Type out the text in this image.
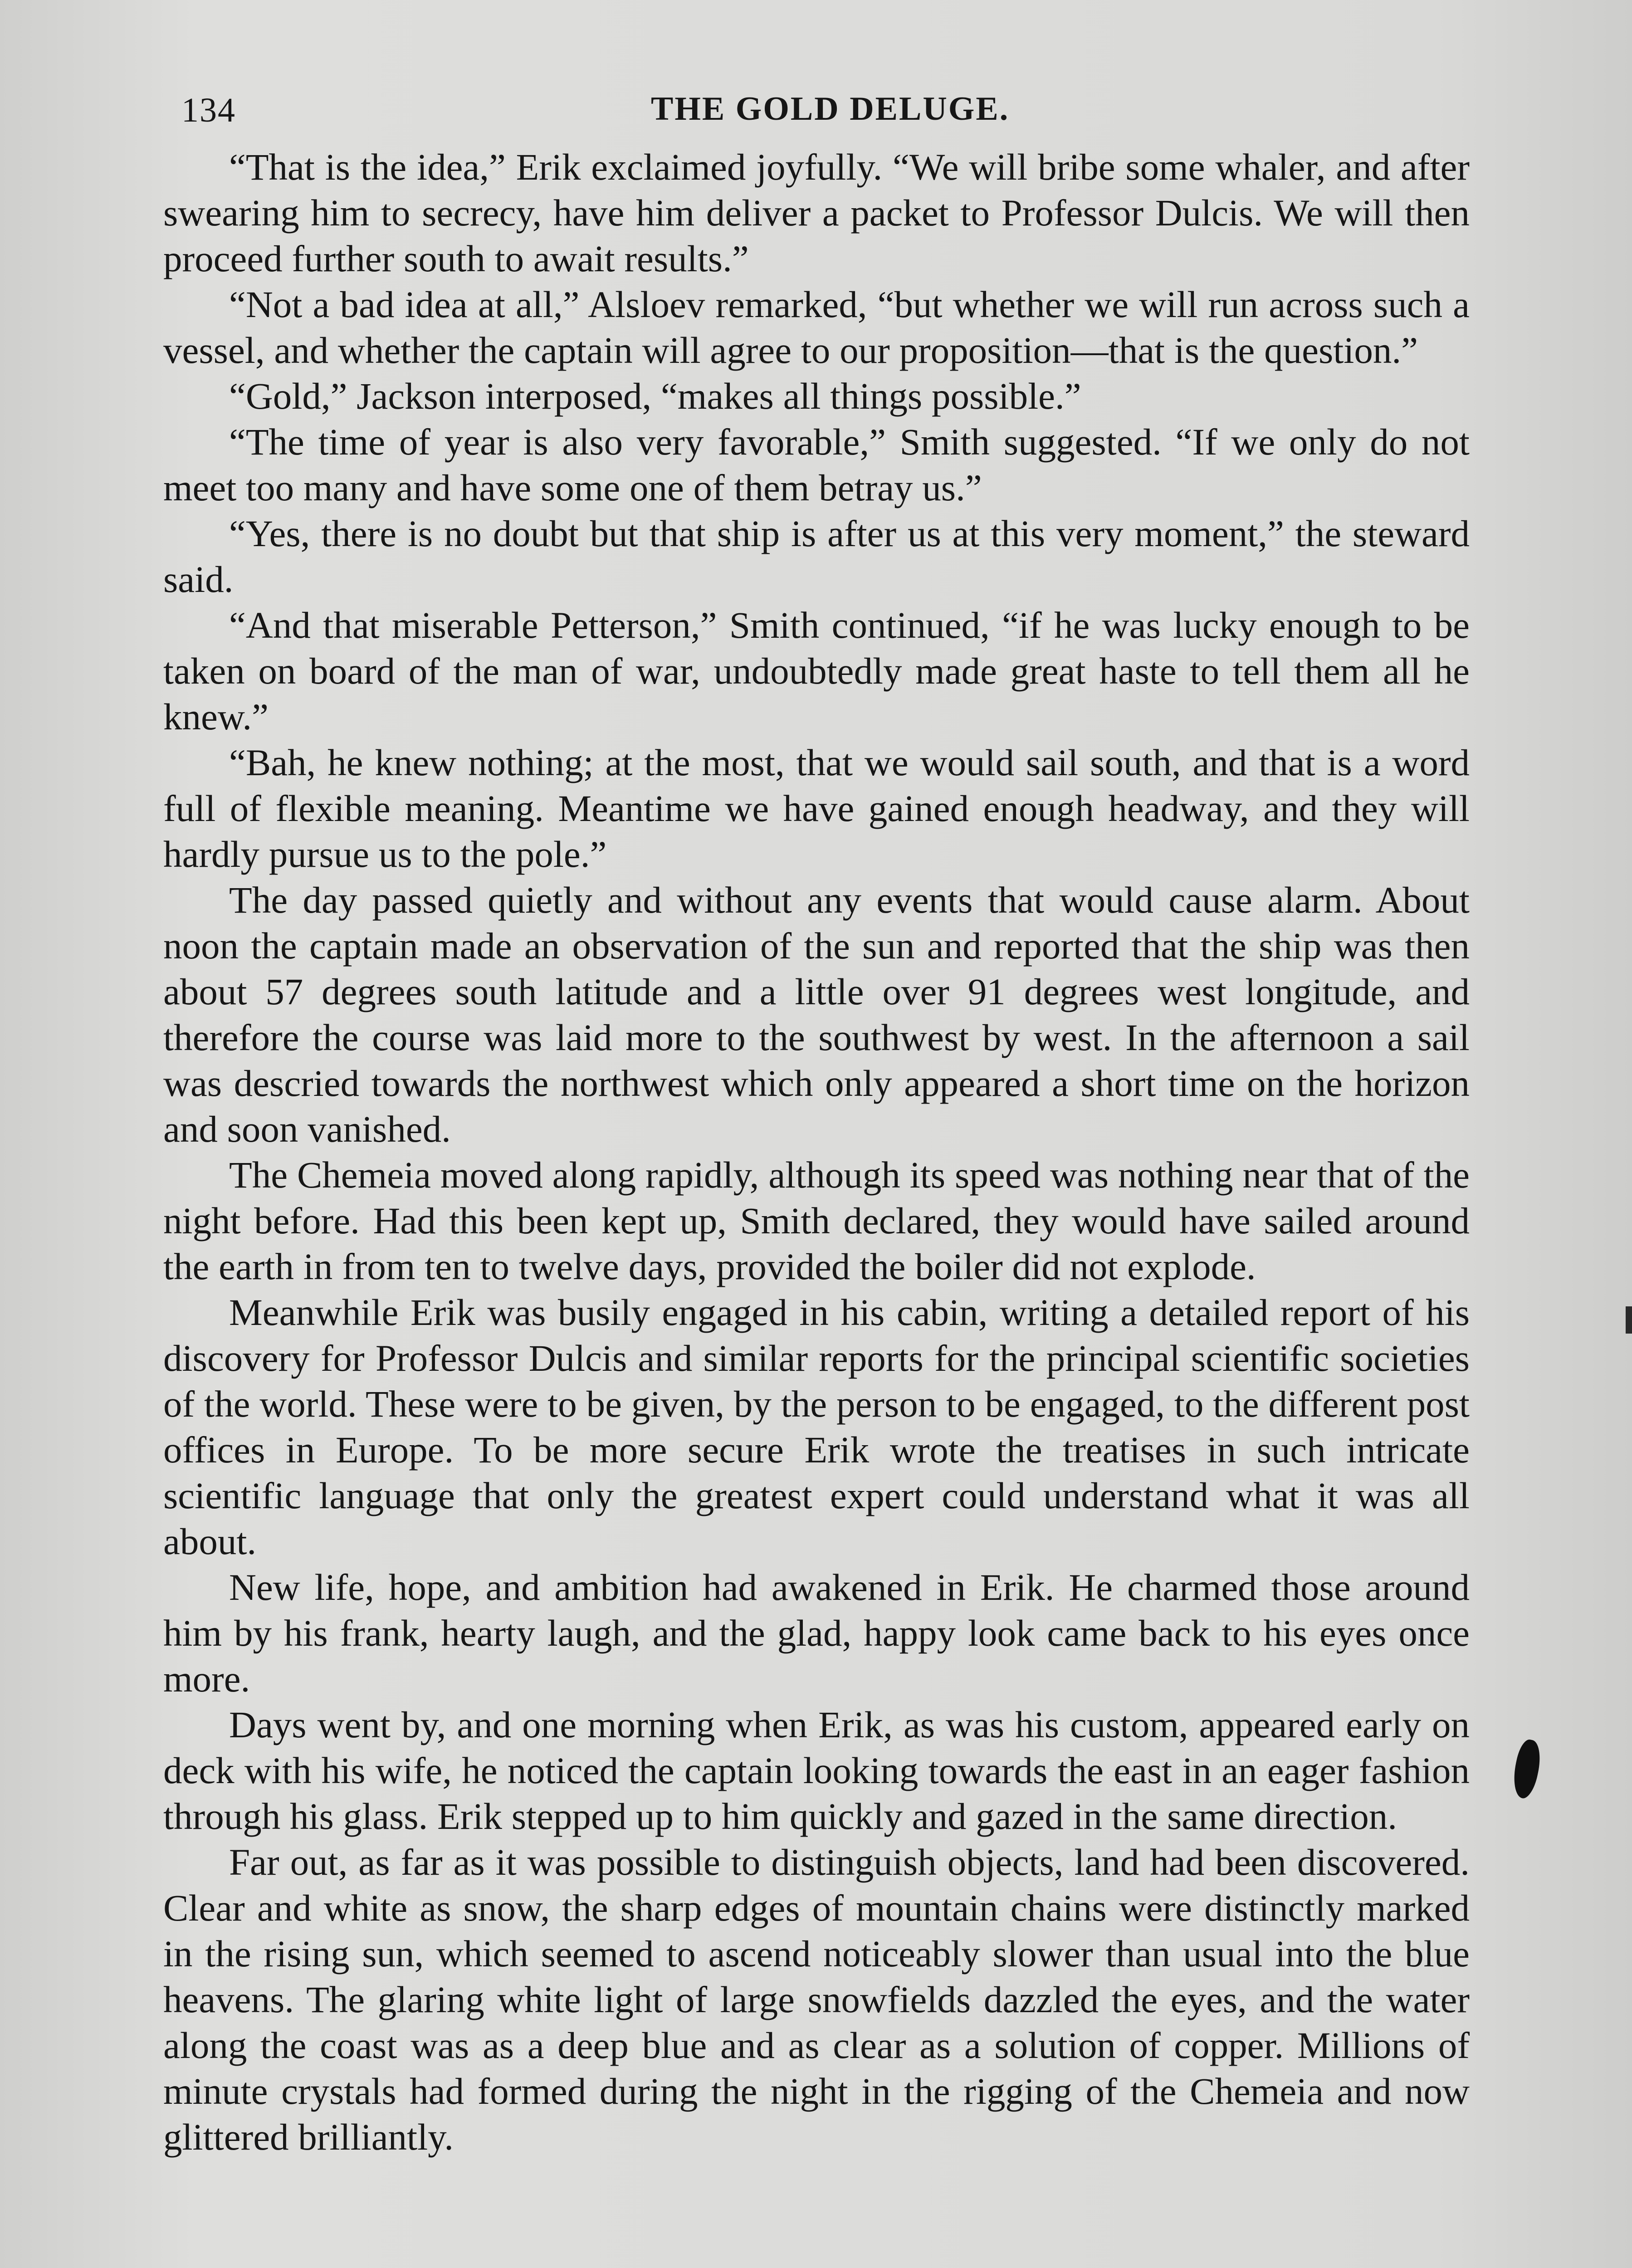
134	THE GOLD DELUGE.

“That is the idea,” Erik exclaimed joyfully. “We will bribe some whaler, and after swearing him to secrecy, have him deliver a packet to Professor Dulcis. We will then proceed further south to await results.”

“Not a bad idea at all,” Alsloev remarked, “but whether we will run across such a vessel, and whether the captain will agree to our proposition—that is the question.”

“Gold,” Jackson interposed, “makes all things possible.”

“The time of year is also very favorable,” Smith suggested. “If we only do not meet too many and have some one of them betray us.”

“Yes, there is no doubt but that ship is after us at this very moment,” the steward said.

“And that miserable Petterson,” Smith continued, “if he was lucky enough to be taken on board of the man of war, undoubtedly made great haste to tell them all he knew.”

“Bah, he knew nothing; at the most, that we would sail south, and that is a word full of flexible meaning. Meantime we have gained enough headway, and they will hardly pursue us to the pole.”

The day passed quietly and without any events that would cause alarm. About noon the captain made an observation of the sun and reported that the ship was then about 57 degrees south latitude and a little over 91 degrees west longitude, and therefore the course was laid more to the southwest by west. In the afternoon a sail was descried towards the northwest which only appeared a short time on the horizon and soon vanished.

The Chemeia moved along rapidly, although its speed was nothing near that of the night before. Had this been kept up, Smith declared, they would have sailed around the earth in from ten to twelve days, provided the boiler did not explode.

Meanwhile Erik was busily engaged in his cabin, writing a detailed report of his discovery for Professor Dulcis and similar reports for the principal scientific societies of the world. These were to be given, by the person to be engaged, to the different post offices in Europe. To be more secure Erik wrote the treatises in such intricate scientific language that only the greatest expert could understand what it was all about.

New life, hope, and ambition had awakened in Erik. He charmed those around him by his frank, hearty laugh, and the glad, happy look came back to his eyes once more.

Days went by, and one morning when Erik, as was his custom, appeared early on deck with his wife, he noticed the captain looking towards the east in an eager fashion through his glass. Erik stepped up to him quickly and gazed in the same direction.

Far out, as far as it was possible to distinguish objects, land had been discovered. Clear and white as snow, the sharp edges of mountain chains were distinctly marked in the rising sun, which seemed to ascend noticeably slower than usual into the blue heavens. The glaring white light of large snowfields dazzled the eyes, and the water along the coast was as a deep blue and as clear as a solution of copper. Millions of minute crystals had formed during the night in the rigging of the Chemeia and now glittered brilliantly.
